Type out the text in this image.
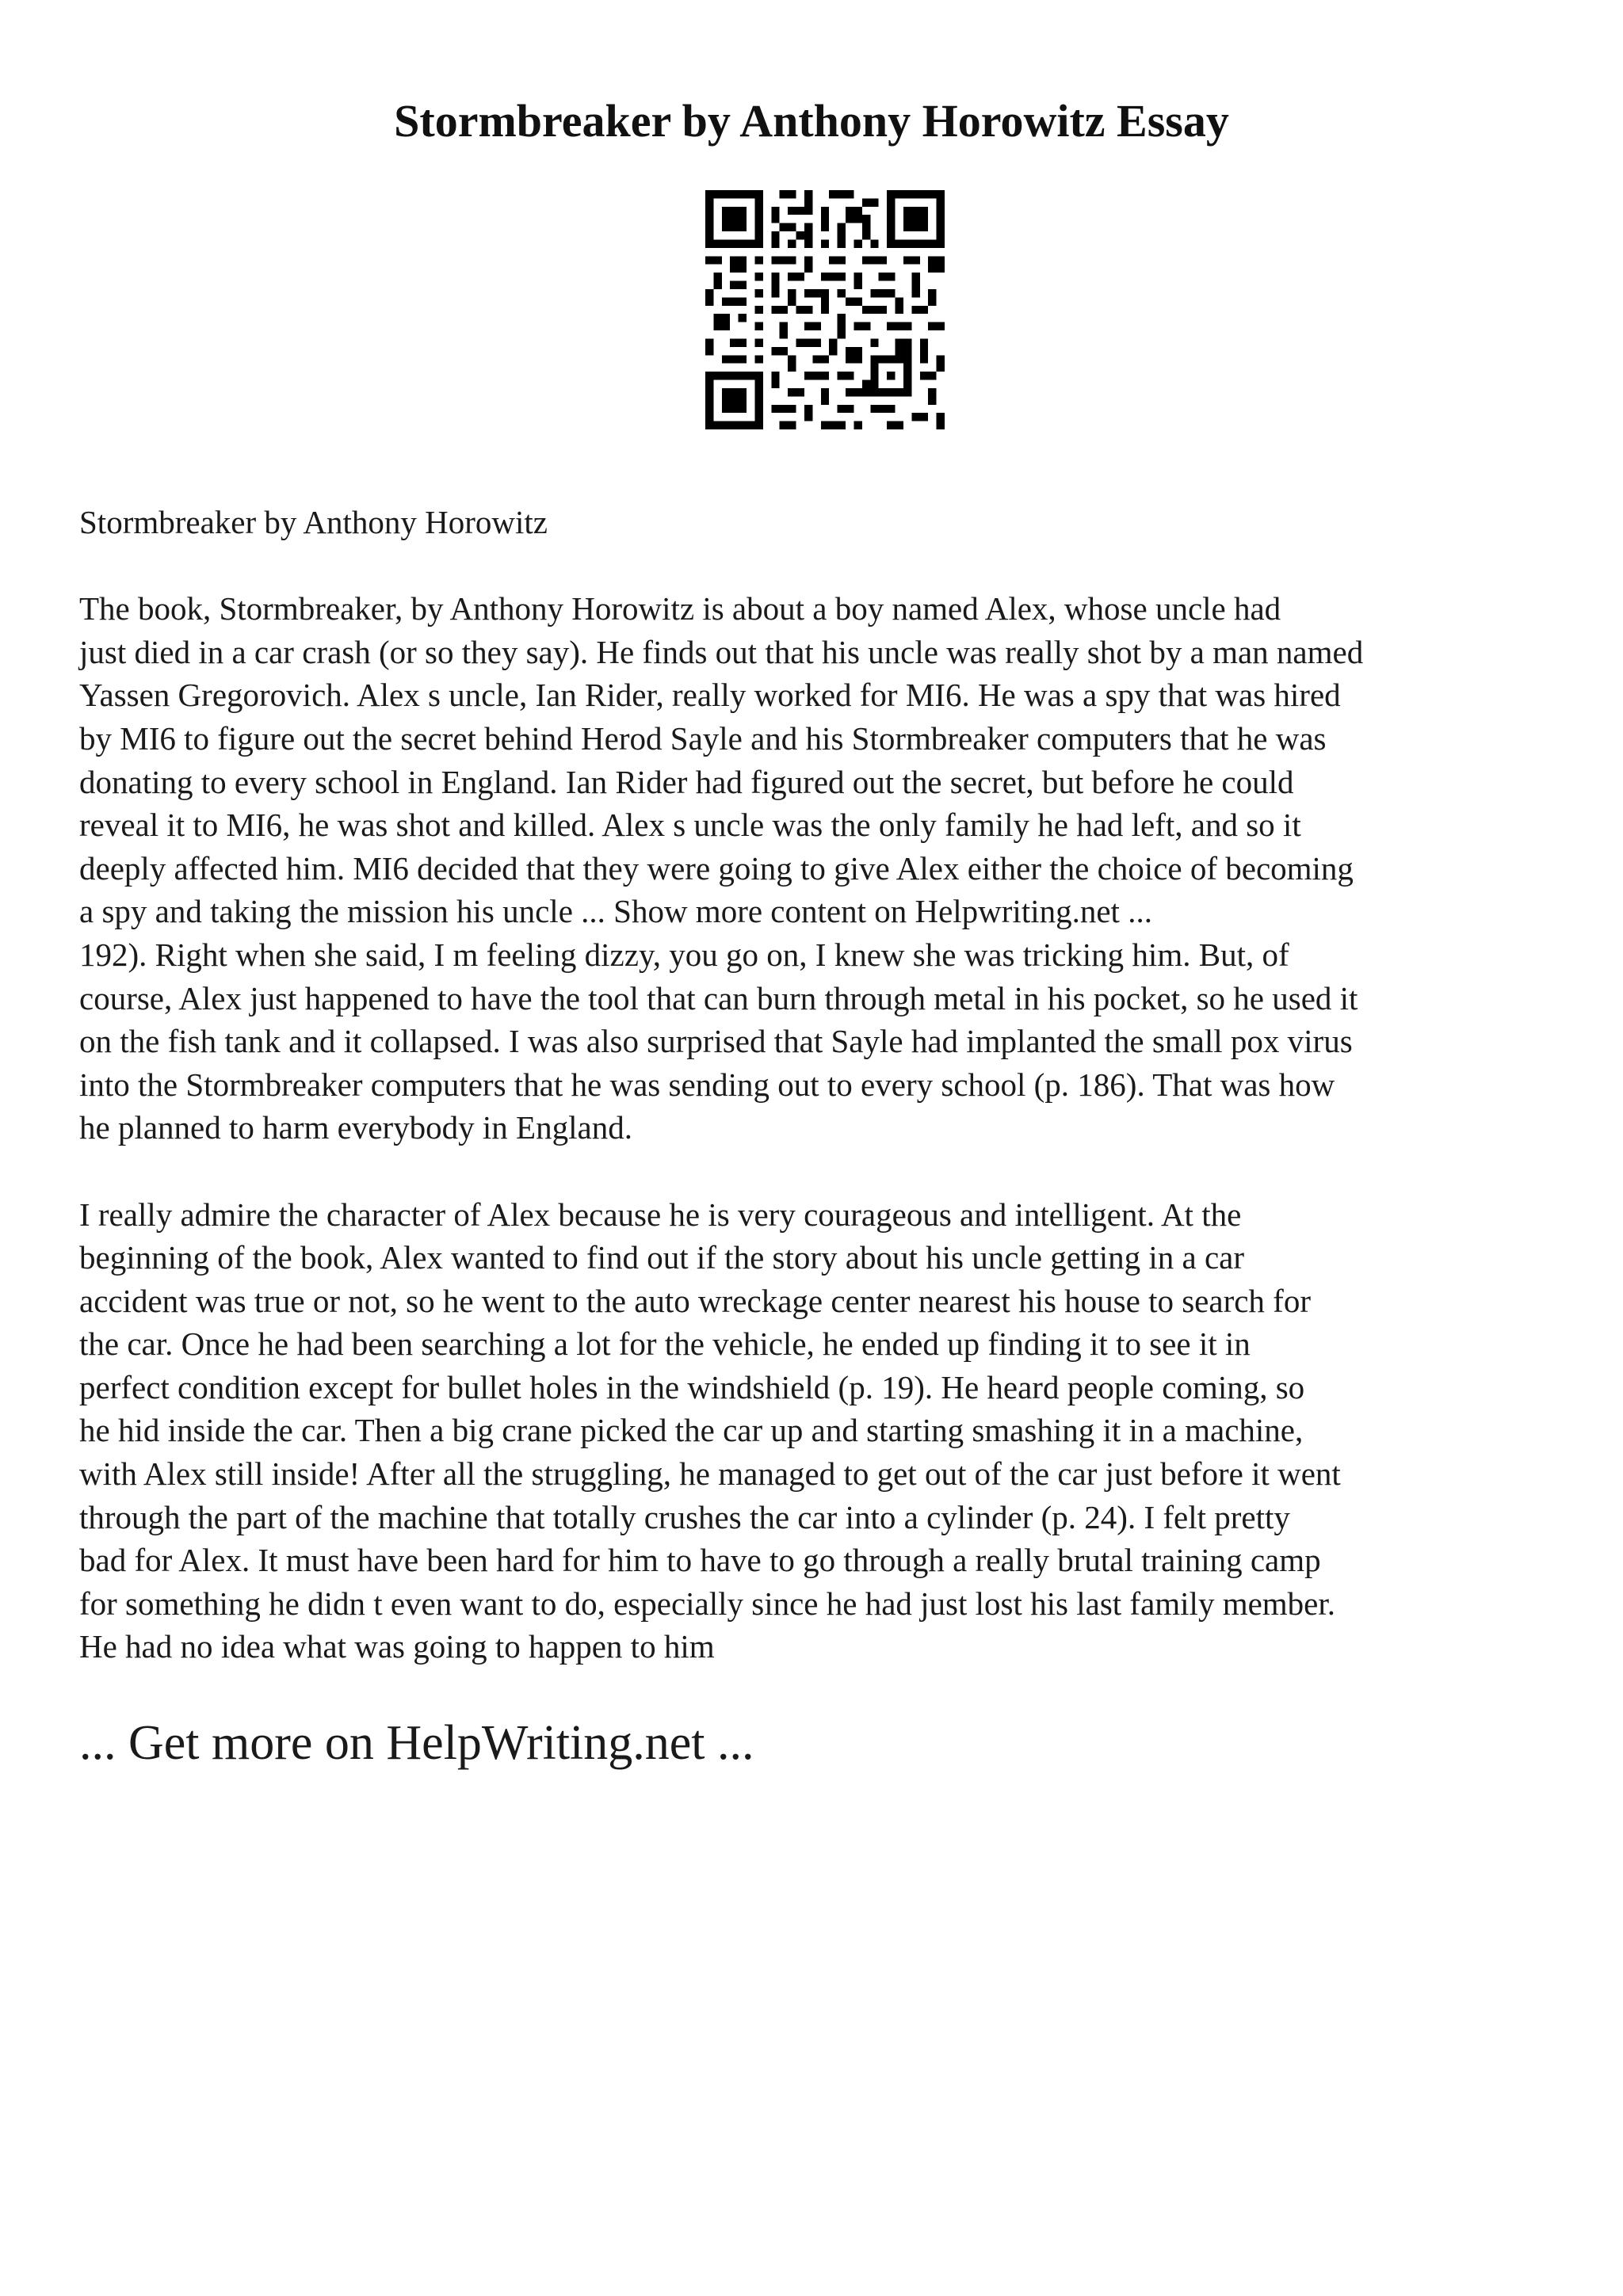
Stormbreaker by Anthony Horowitz Essay
Stormbreaker by Anthony Horowitz
The book, Stormbreaker, by Anthony Horowitz is about a boy named Alex, whose uncle had
just died in a car crash (or so they say). He finds out that his uncle was really shot by a man named
Yassen Gregorovich. Alex s uncle, Ian Rider, really worked for MI6. He was a spy that was hired
by MI6 to figure out the secret behind Herod Sayle and his Stormbreaker computers that he was
donating to every school in England. Ian Rider had figured out the secret, but before he could
reveal it to MI6, he was shot and killed. Alex s uncle was the only family he had left, and so it
deeply affected him. MI6 decided that they were going to give Alex either the choice of becoming
a spy and taking the mission his uncle ... Show more content on Helpwriting.net ...
192). Right when she said, I m feeling dizzy, you go on, I knew she was tricking him. But, of
course, Alex just happened to have the tool that can burn through metal in his pocket, so he used it
on the fish tank and it collapsed. I was also surprised that Sayle had implanted the small pox virus
into the Stormbreaker computers that he was sending out to every school (p. 186). That was how
he planned to harm everybody in England.
I really admire the character of Alex because he is very courageous and intelligent. At the
beginning of the book, Alex wanted to find out if the story about his uncle getting in a car
accident was true or not, so he went to the auto wreckage center nearest his house to search for
the car. Once he had been searching a lot for the vehicle, he ended up finding it to see it in
perfect condition except for bullet holes in the windshield (p. 19). He heard people coming, so
he hid inside the car. Then a big crane picked the car up and starting smashing it in a machine,
with Alex still inside! After all the struggling, he managed to get out of the car just before it went
through the part of the machine that totally crushes the car into a cylinder (p. 24). I felt pretty
bad for Alex. It must have been hard for him to have to go through a really brutal training camp
for something he didn t even want to do, especially since he had just lost his last family member.
He had no idea what was going to happen to him
... Get more on HelpWriting.net ...
